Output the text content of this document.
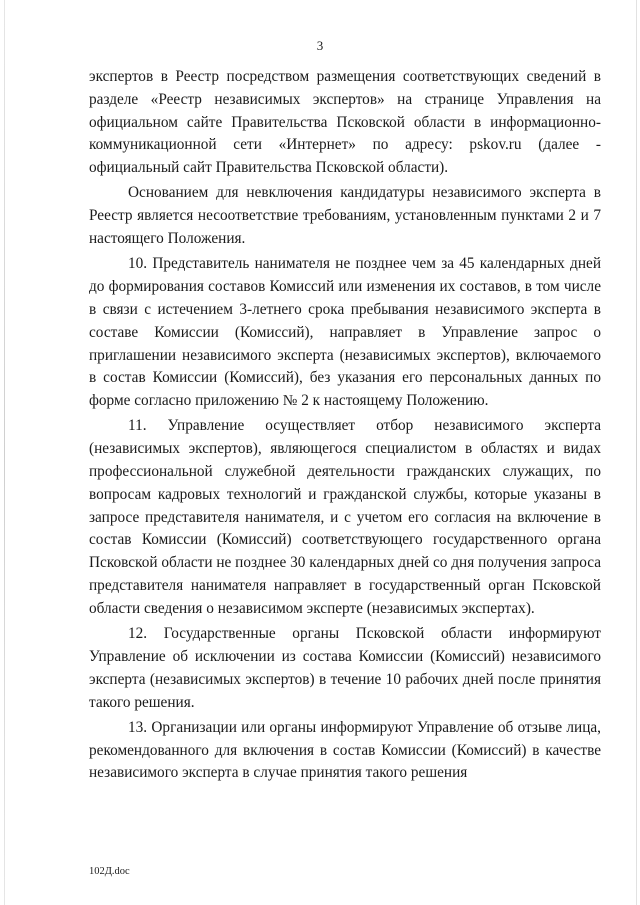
3

экспертов в Реестр посредством размещения соответствующих сведений в разделе «Реестр независимых экспертов» на странице Управления на официальном сайте Правительства Псковской области в информационно-коммуникационной сети «Интернет» по адресу: pskov.ru (далее - официальный сайт Правительства Псковской области).

Основанием для невключения кандидатуры независимого эксперта в Реестр является несоответствие требованиям, установленным пунктами 2 и 7 настоящего Положения.

10. Представитель нанимателя не позднее чем за 45 календарных дней до формирования составов Комиссий или изменения их составов, в том числе в связи с истечением 3-летнего срока пребывания независимого эксперта в составе Комиссии (Комиссий), направляет в Управление запрос о приглашении независимого эксперта (независимых экспертов), включаемого в состав Комиссии (Комиссий), без указания его персональных данных по форме согласно приложению № 2 к настоящему Положению.

11. Управление осуществляет отбор независимого эксперта (независимых экспертов), являющегося специалистом в областях и видах профессиональной служебной деятельности гражданских служащих, по вопросам кадровых технологий и гражданской службы, которые указаны в запросе представителя нанимателя, и с учетом его согласия на включение в состав Комиссии (Комиссий) соответствующего государственного органа Псковской области не позднее 30 календарных дней со дня получения запроса представителя нанимателя направляет в государственный орган Псковской области сведения о независимом эксперте (независимых экспертах).

12. Государственные органы Псковской области информируют Управление об исключении из состава Комиссии (Комиссий) независимого эксперта (независимых экспертов) в течение 10 рабочих дней после принятия такого решения.

13. Организации или органы информируют Управление об отзыве лица, рекомендованного для включения в состав Комиссии (Комиссий) в качестве независимого эксперта в случае принятия такого решения

102Д.doc
